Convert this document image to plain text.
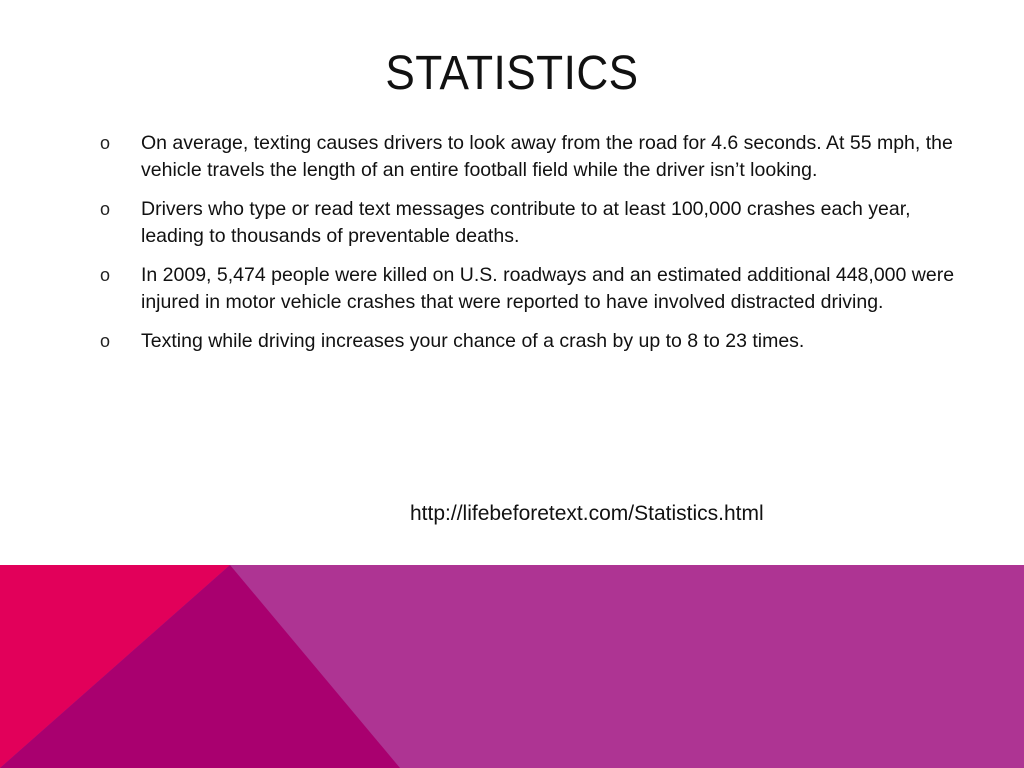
STATISTICS
o	On average, texting causes drivers to look away from the road for 4.6 seconds. At 55 mph, the vehicle travels the length of an entire football field while the driver isn’t looking.
o	Drivers who type or read text messages contribute to at least 100,000 crashes each year, leading to thousands of preventable deaths.
o	In 2009, 5,474 people were killed on U.S. roadways and an estimated additional 448,000 were injured in motor vehicle crashes that were reported to have involved distracted driving.
o	Texting while driving increases your chance of a crash by up to 8 to 23 times.
http://lifebeforetext.com/Statistics.html
